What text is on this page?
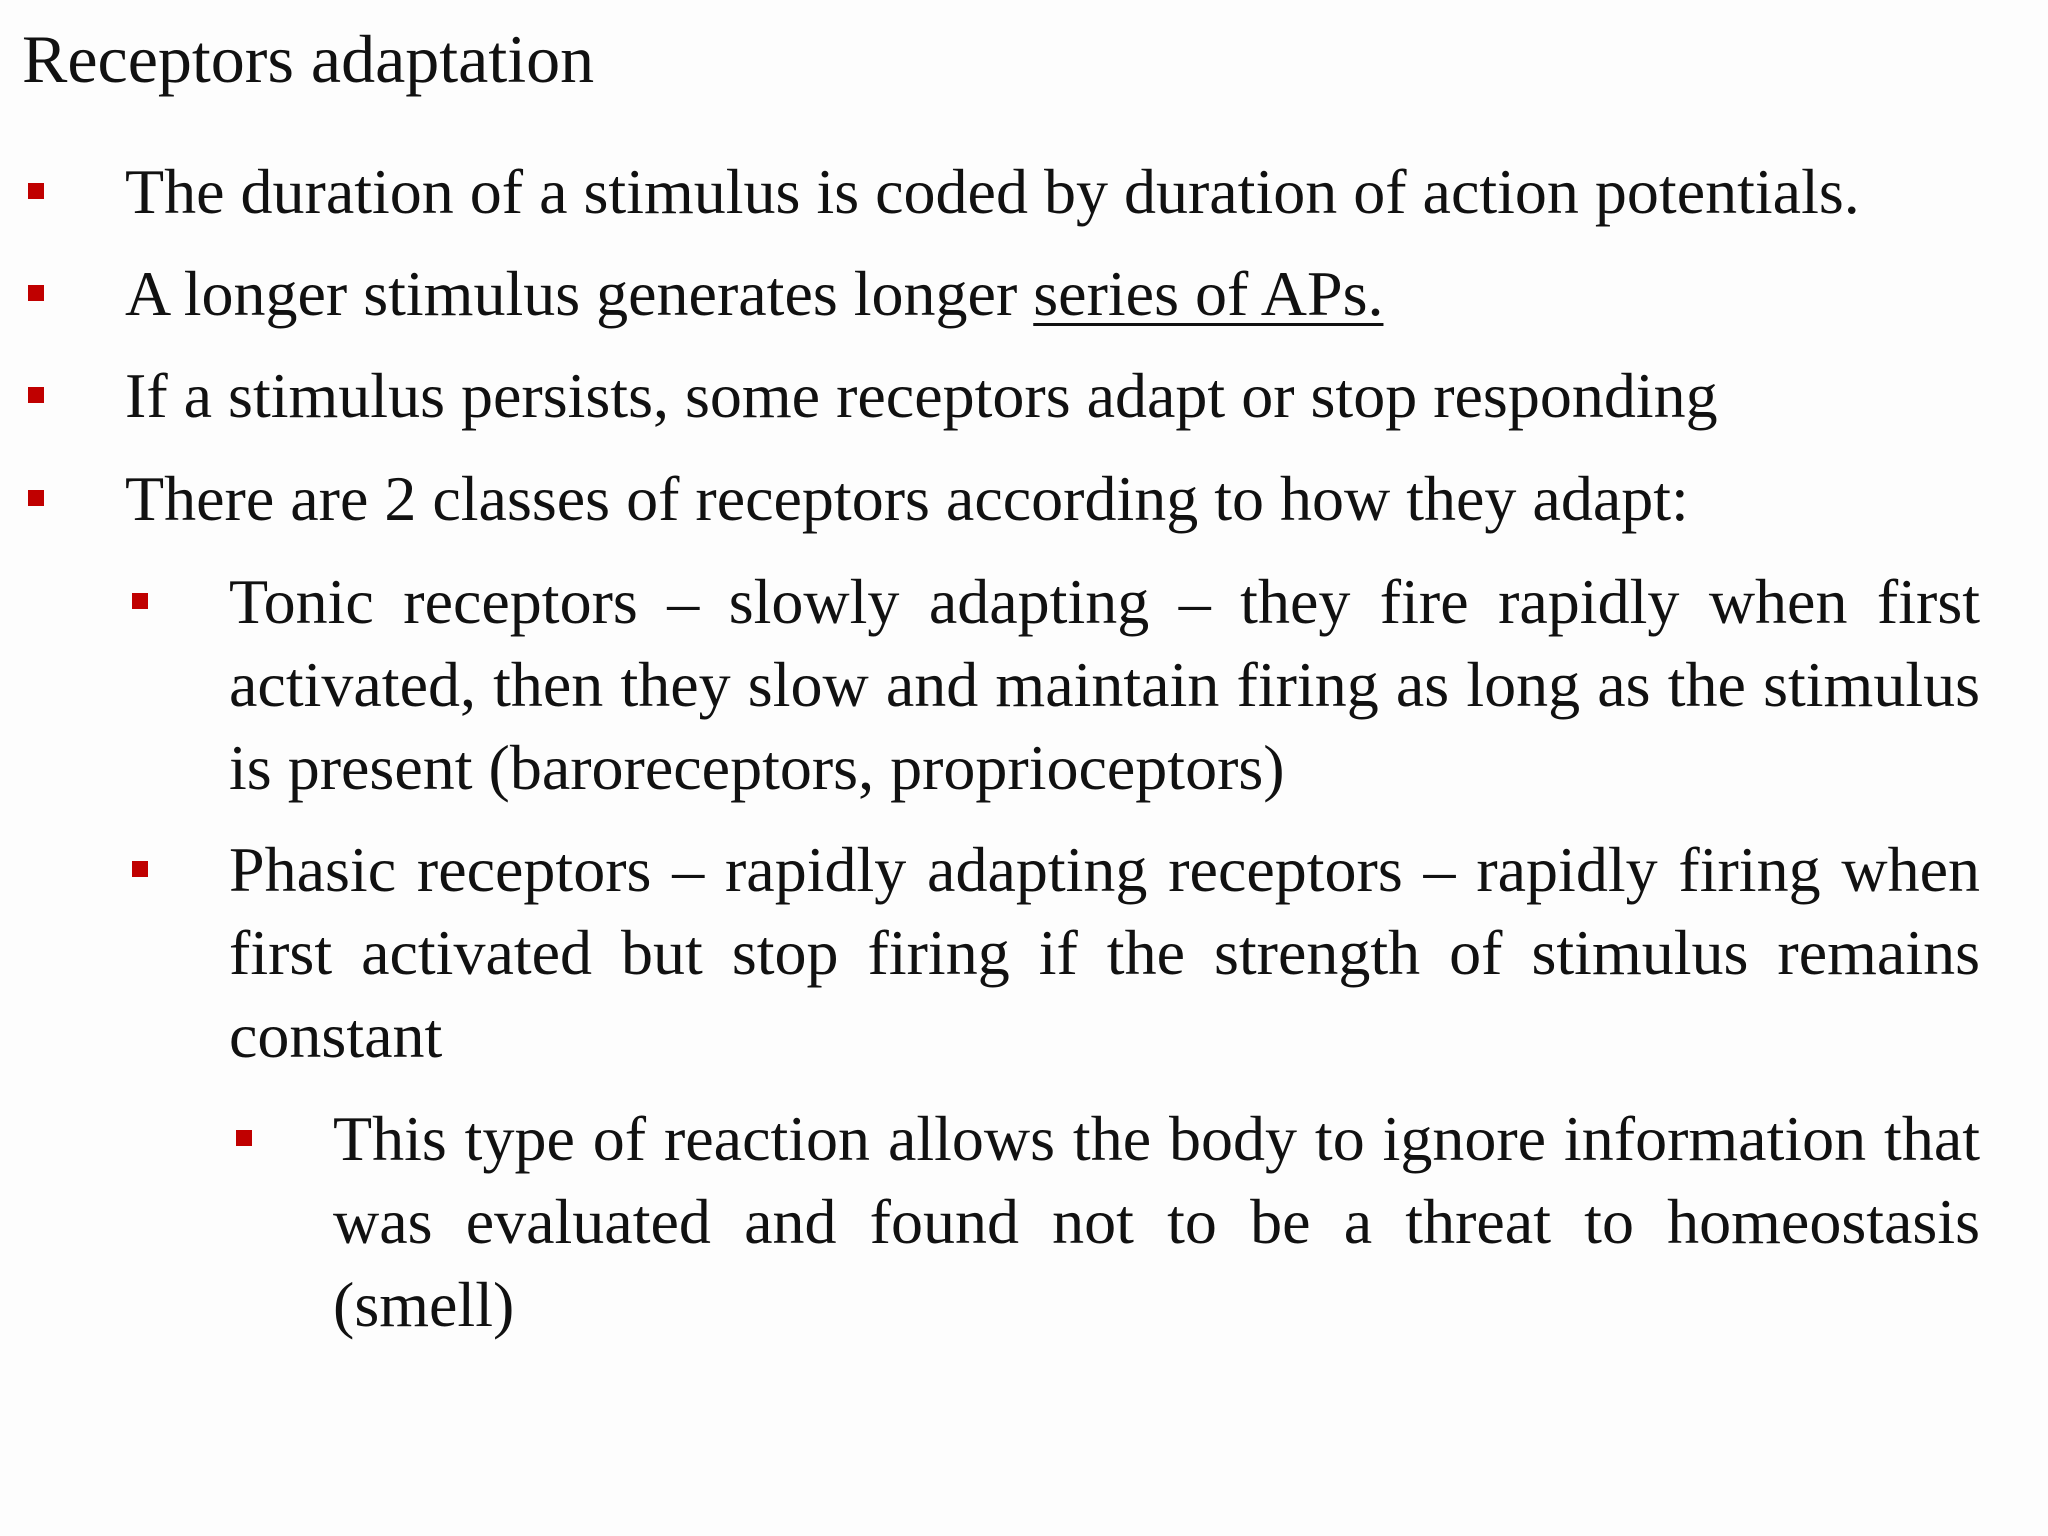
Receptors adaptation
The duration of a stimulus is coded by duration of action potentials.
A longer stimulus generates longer series of APs.
If a stimulus persists, some receptors adapt or stop responding
There are 2 classes of receptors according to how they adapt:
Tonic receptors – slowly adapting – they fire rapidly when first activated, then they slow and maintain firing as long as the stimulus is present (baroreceptors, proprioceptors)
Phasic receptors – rapidly adapting receptors – rapidly firing when first activated but stop firing if the strength of stimulus remains constant
This type of reaction allows the body to ignore information that was evaluated and found not to be a threat to homeostasis (smell)
